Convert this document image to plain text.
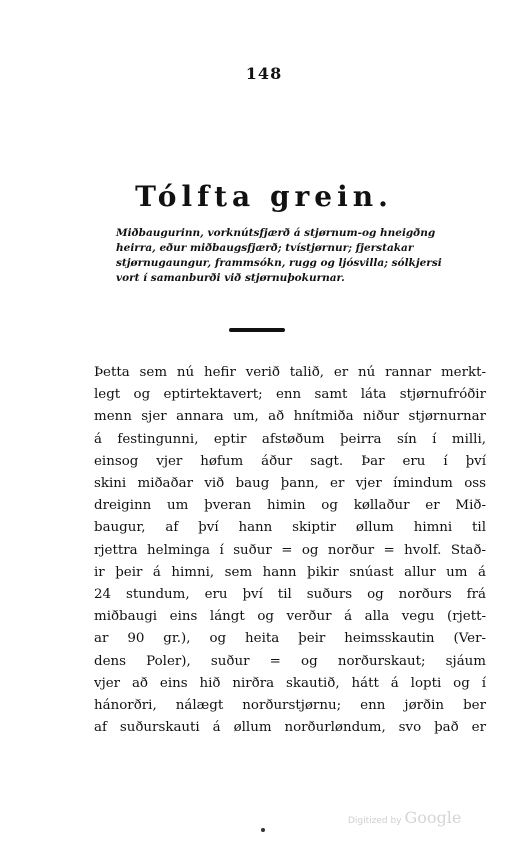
148
Tólfta grein.
Miðbaugurinn, vorknútsfjærð á stjørnum-og hneigðng
heirra, eður miðbaugsfjærð; tvístjørnur; fjerstakar
stjørnugaungur, frammsókn, rugg og ljósvilla; sólkjersi
vort í samanburði við stjørnuþokurnar.
Þetta sem nú hefir verið talið, er nú rannar merkt-
legt og eptirtektavert; enn samt láta stjørnufróðir
menn sjer annara um, að hnítmiða niður stjørnurnar
á festingunni, eptir afstøðum þeirra sín í milli,
einsog vjer høfum áður sagt. Þar eru í því
skini miðaðar við baug þann, er vjer ímindum oss
dreiginn um þveran himin og køllaður er Mið-
baugur, af því hann skiptir øllum himni til
rjettra helminga í suður = og norður = hvolf. Stað-
ir þeir á himni, sem hann þikir snúast allur um á
24 stundum, eru því til suðurs og norðurs frá
miðbaugi eins lángt og verður á alla vegu (rjett-
ar 90 gr.), og heita þeir heimsskautin (Ver-
dens Poler), suður = og norðurskaut; sjáum
vjer að eins hið nirðra skautið, hátt á lopti og í
hánorðri, nálægt norðurstjørnu; enn jørðin ber
af suðurskauti á øllum norðurløndum, svo það er
Digitized by Google
